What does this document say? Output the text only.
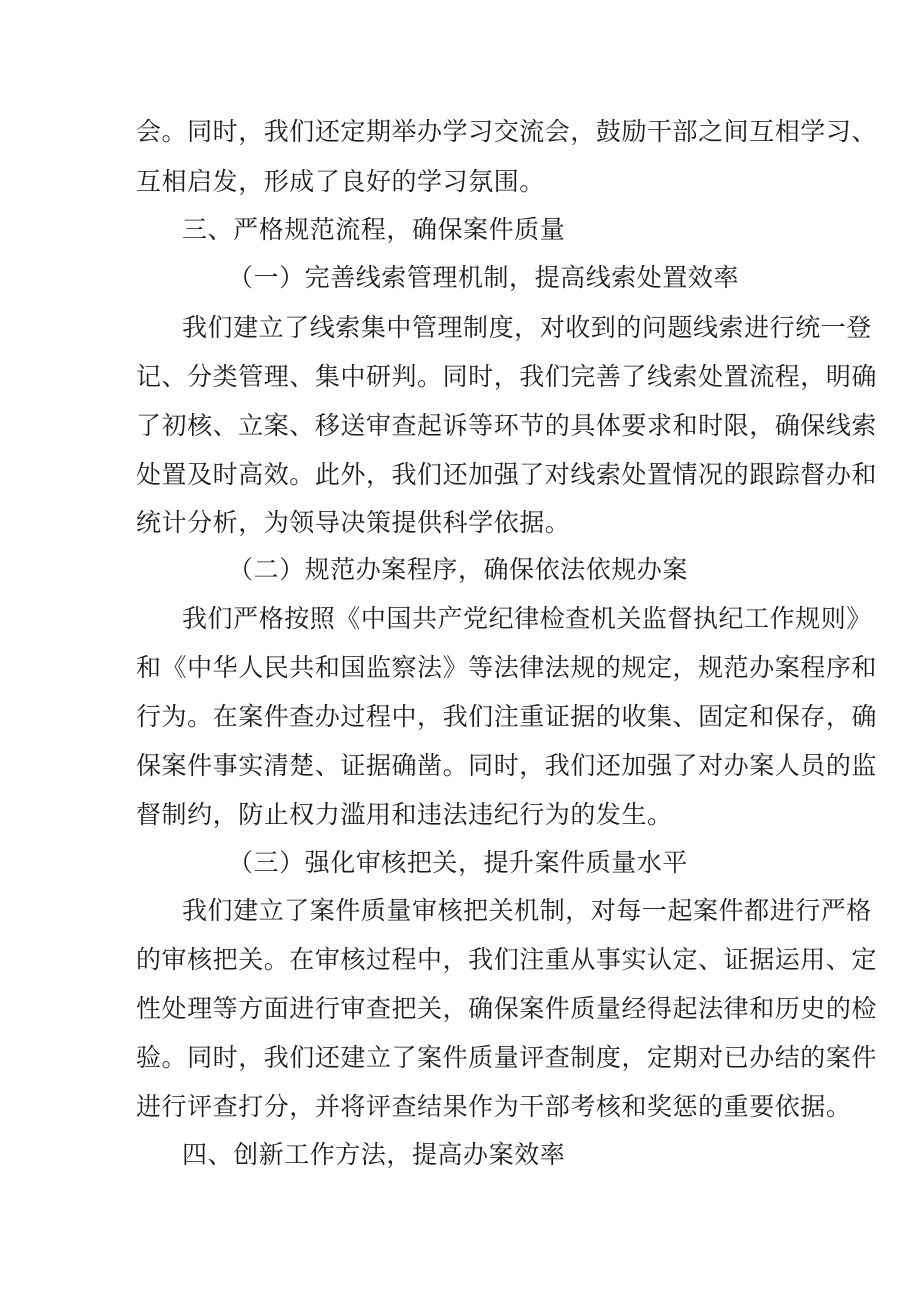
会。同时，我们还定期举办学习交流会，鼓励干部之间互相学习、
互相启发，形成了良好的学习氛围。
三、严格规范流程，确保案件质量
（一）完善线索管理机制，提高线索处置效率
我们建立了线索集中管理制度，对收到的问题线索进行统一登
记、分类管理、集中研判。同时，我们完善了线索处置流程，明确
了初核、立案、移送审查起诉等环节的具体要求和时限，确保线索
处置及时高效。此外，我们还加强了对线索处置情况的跟踪督办和
统计分析，为领导决策提供科学依据。
（二）规范办案程序，确保依法依规办案
我们严格按照《中国共产党纪律检查机关监督执纪工作规则》
和《中华人民共和国监察法》等法律法规的规定，规范办案程序和
行为。在案件查办过程中，我们注重证据的收集、固定和保存，确
保案件事实清楚、证据确凿。同时，我们还加强了对办案人员的监
督制约，防止权力滥用和违法违纪行为的发生。
（三）强化审核把关，提升案件质量水平
我们建立了案件质量审核把关机制，对每一起案件都进行严格
的审核把关。在审核过程中，我们注重从事实认定、证据运用、定
性处理等方面进行审查把关，确保案件质量经得起法律和历史的检
验。同时，我们还建立了案件质量评查制度，定期对已办结的案件
进行评查打分，并将评查结果作为干部考核和奖惩的重要依据。
四、创新工作方法，提高办案效率
